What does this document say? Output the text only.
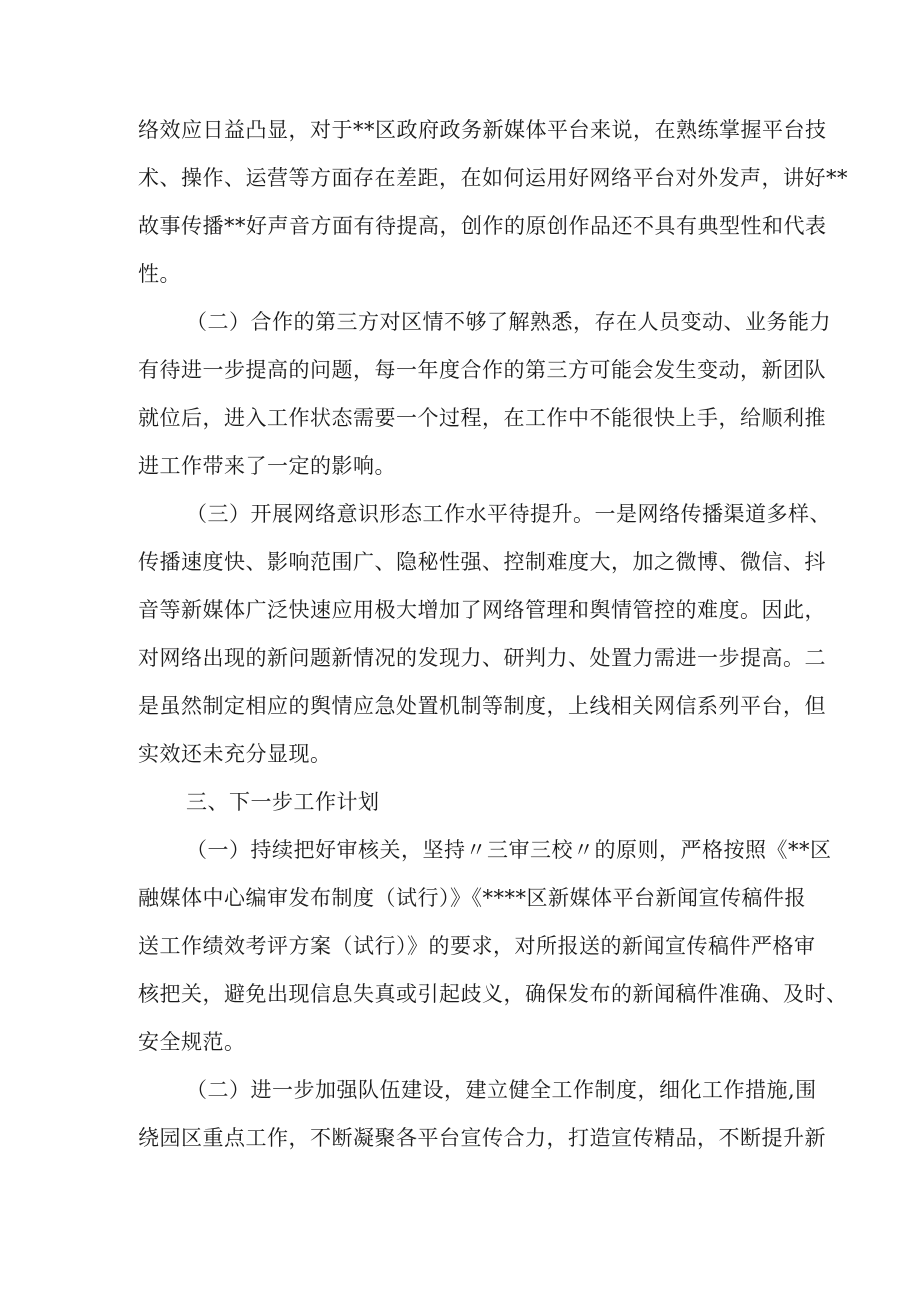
络效应日益凸显，对于**区政府政务新媒体平台来说，在熟练掌握平台技
术、操作、运营等方面存在差距，在如何运用好网络平台对外发声，讲好**
故事传播**好声音方面有待提高，创作的原创作品还不具有典型性和代表
性。
（二）合作的第三方对区情不够了解熟悉，存在人员变动、业务能力
有待进一步提高的问题，每一年度合作的第三方可能会发生变动，新团队
就位后，进入工作状态需要一个过程，在工作中不能很快上手，给顺利推
进工作带来了一定的影响。
（三）开展网络意识形态工作水平待提升。一是网络传播渠道多样、
传播速度快、影响范围广、隐秘性强、控制难度大，加之微博、微信、抖
音等新媒体广泛快速应用极大增加了网络管理和舆情管控的难度。因此，
对网络出现的新问题新情况的发现力、研判力、处置力需进一步提高。二
是虽然制定相应的舆情应急处置机制等制度，上线相关网信系列平台，但
实效还未充分显现。
三、下一步工作计划
（一）持续把好审核关，坚持〃三审三校〃的原则，严格按照《**区
融媒体中心编审发布制度（试行）》《****区新媒体平台新闻宣传稿件报
送工作绩效考评方案（试行）》的要求，对所报送的新闻宣传稿件严格审
核把关，避免出现信息失真或引起歧义，确保发布的新闻稿件准确、及时、
安全规范。
（二）进一步加强队伍建设，建立健全工作制度，细化工作措施,围
绕园区重点工作，不断凝聚各平台宣传合力，打造宣传精品，不断提升新
